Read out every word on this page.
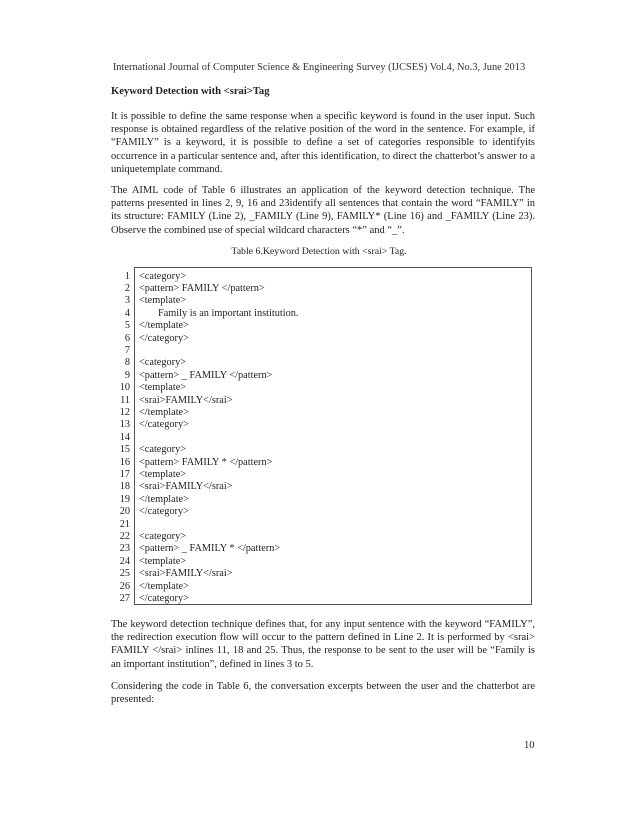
International Journal of Computer Science & Engineering Survey (IJCSES) Vol.4, No.3, June 2013
Keyword Detection with <srai>Tag

It is possible to define the same response when a specific keyword is found in the user input. Such response is obtained regardless of the relative position of the word in the sentence. For example, if “FAMILY” is a keyword, it is possible to define a set of categories responsible to identifyits occurrence in a particular sentence and, after this identification, to direct the chatterbot’s answer to a uniquetemplate command.

The AIML code of Table 6 illustrates an application of the keyword detection technique. The patterns presented in lines 2, 9, 16 and 23identify all sentences that contain the word “FAMILY” in its structure: FAMILY (Line 2), _FAMILY (Line 9), FAMILY* (Line 16) and _FAMILY (Line 23). Observe the combined use of special wildcard characters “*” and “_”.

Table 6.Keyword Detection with <srai> Tag.
1 <category>
2 <pattern> FAMILY </pattern>
3 <template>
4	Family is an important institution.
5 </template>
6 </category>
7
8 <category>
9 <pattern> _ FAMILY </pattern>
10 <template>
11 <srai>FAMILY</srai>
12 </template>
13 </category>
14
15 <category>
16 <pattern> FAMILY * </pattern>
17 <template>
18 <srai>FAMILY</srai>
19 </template>
20 </category>
21
22 <category>
23 <pattern> _ FAMILY * </pattern>
24 <template>
25 <srai>FAMILY</srai>
26 </template>
27 </category>

The keyword detection technique defines that, for any input sentence with the keyword “FAMILY”, the redirection execution flow will occur to the pattern defined in Line 2. It is performed by <srai> FAMILY </srai> inlines 11, 18 and 25. Thus, the response to be sent to the user will be “Family is an important institution”, defined in lines 3 to 5.

Considering the code in Table 6, the conversation excerpts between the user and the chatterbot are presented:

10
